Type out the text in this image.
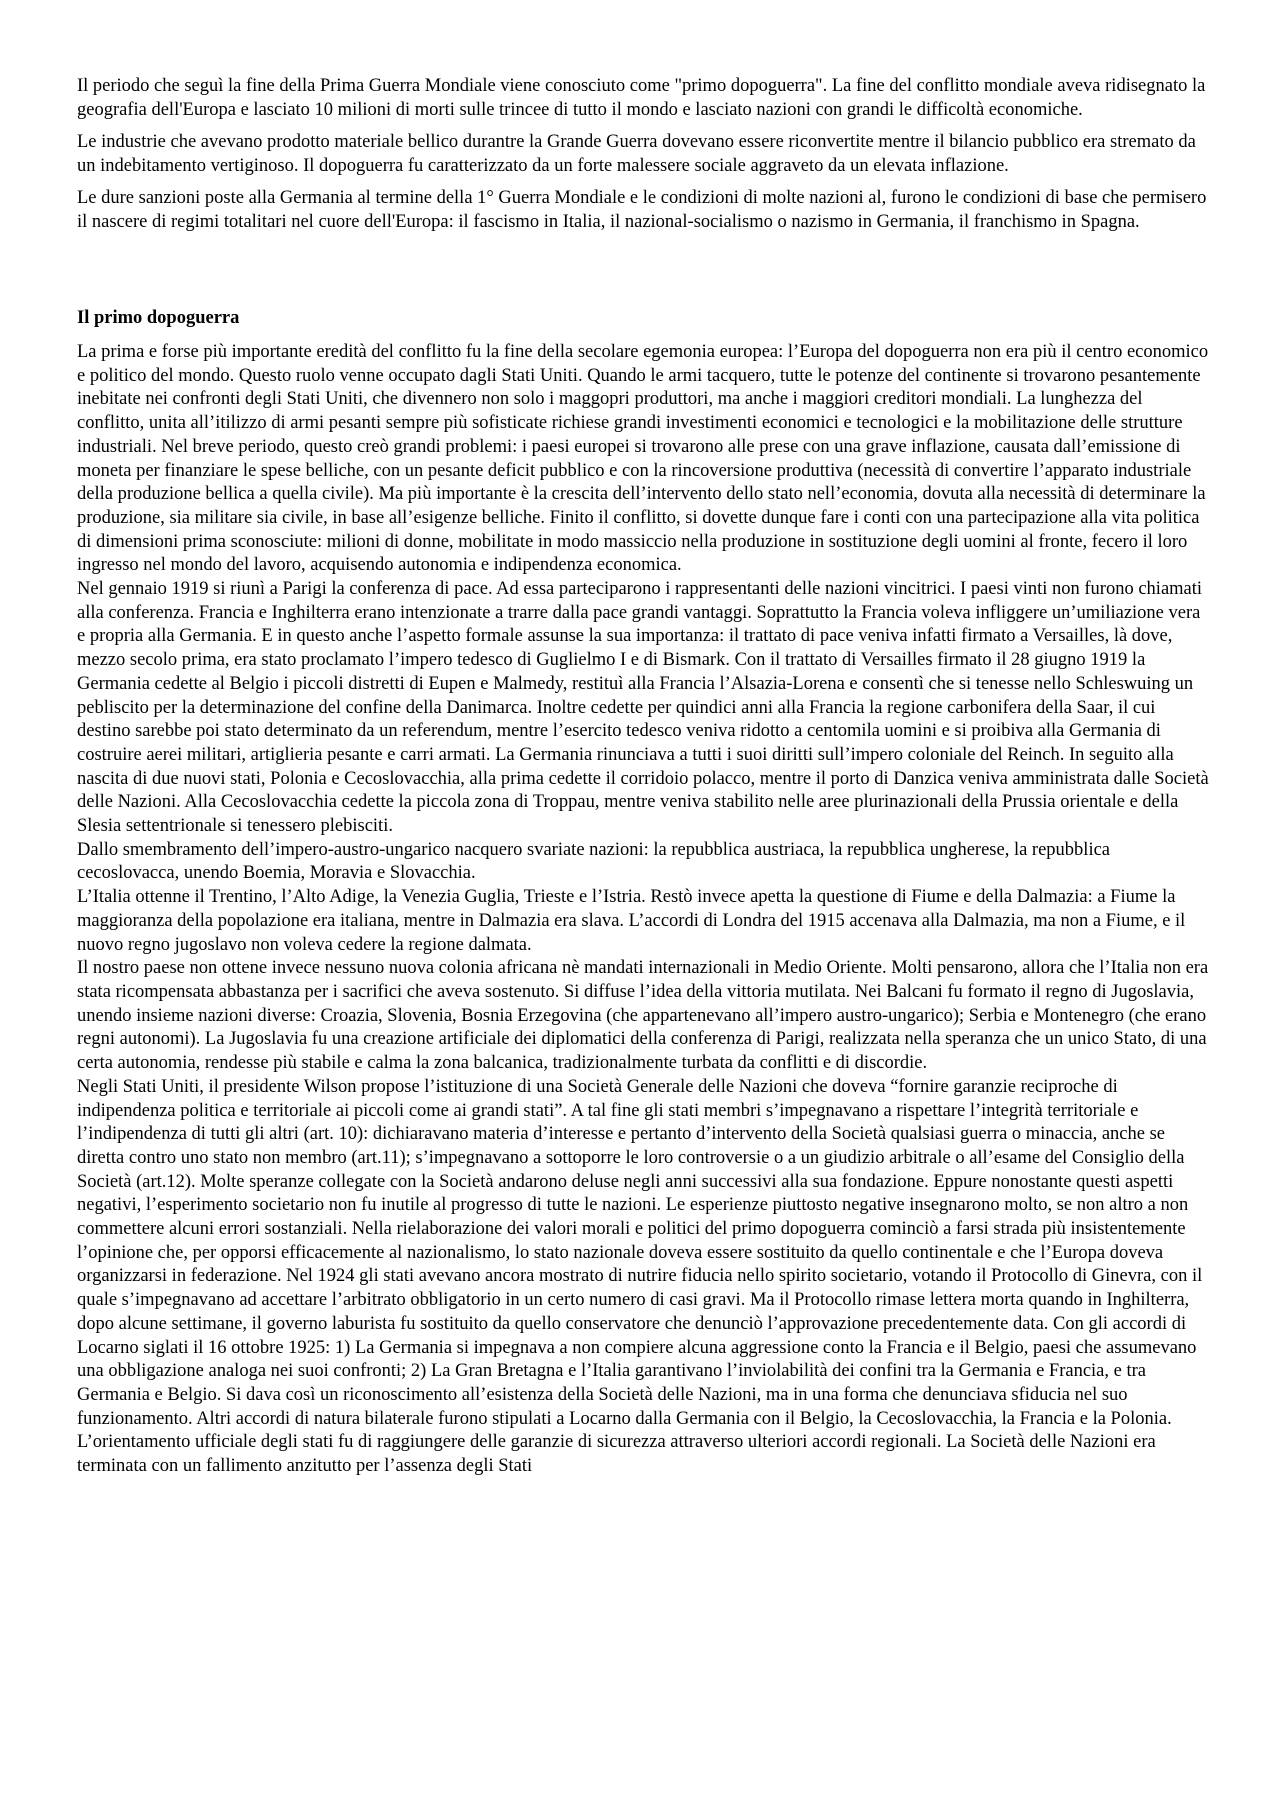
Il periodo che seguì la fine della Prima Guerra Mondiale viene conosciuto come "primo dopoguerra". La fine del conflitto mondiale aveva ridisegnato la geografia dell'Europa e lasciato 10 milioni di morti sulle trincee di tutto il mondo e lasciato nazioni con grandi le difficoltà economiche.

Le industrie che avevano prodotto materiale bellico durantre la Grande Guerra dovevano essere riconvertite mentre il bilancio pubblico era stremato da un indebitamento vertiginoso. Il dopoguerra fu caratterizzato da un forte malessere sociale aggraveto da un elevata inflazione.

Le dure sanzioni poste alla Germania al termine della 1° Guerra Mondiale e le condizioni di molte nazioni al, furono le condizioni di base che permisero il nascere di regimi totalitari nel cuore dell'Europa: il fascismo in Italia, il nazional-socialismo o nazismo in Germania, il franchismo in Spagna.

Il primo dopoguerra

La prima e forse più importante eredità del conflitto fu la fine della secolare egemonia europea: l’Europa del dopoguerra non era più il centro economico e politico del mondo. Questo ruolo venne occupato dagli Stati Uniti. Quando le armi tacquero, tutte le potenze del continente si trovarono pesantemente inebitate nei confronti degli Stati Uniti, che divennero non solo i maggopri produttori, ma anche i maggiori creditori mondiali. La lunghezza del conflitto, unita all’itilizzo di armi pesanti sempre più sofisticate richiese grandi investimenti economici e tecnologici e la mobilitazione delle strutture industriali. Nel breve periodo, questo creò grandi problemi: i paesi europei si trovarono alle prese con una grave inflazione, causata dall’emissione di moneta per finanziare le spese belliche, con un pesante deficit pubblico e con la rincoversione produttiva (necessità di convertire l’apparato industriale della produzione bellica a quella civile). Ma più importante è la crescita dell’intervento dello stato nell’economia, dovuta alla necessità di determinare la produzione, sia militare sia civile, in base all’esigenze belliche. Finito il conflitto, si dovette dunque fare i conti con una partecipazione alla vita politica di dimensioni prima sconosciute: milioni di donne, mobilitate in modo massiccio nella produzione in sostituzione degli uomini al fronte, fecero il loro ingresso nel mondo del lavoro, acquisendo autonomia e indipendenza economica.

Nel gennaio 1919 si riunì a Parigi la conferenza di pace. Ad essa parteciparono i rappresentanti delle nazioni vincitrici. I paesi vinti non furono chiamati alla conferenza. Francia e Inghilterra erano intenzionate a trarre dalla pace grandi vantaggi. Soprattutto la Francia voleva infliggere un’umiliazione vera e propria alla Germania. E in questo anche l’aspetto formale assunse la sua importanza: il trattato di pace veniva infatti firmato a Versailles, là dove, mezzo secolo prima, era stato proclamato l’impero tedesco di Guglielmo I e di Bismark. Con il trattato di Versailles firmato il 28 giugno 1919 la Germania cedette al Belgio i piccoli distretti di Eupen e Malmedy, restituì alla Francia l’Alsazia-Lorena e consentì che si tenesse nello Schleswuing un pebliscito per la determinazione del confine della Danimarca. Inoltre cedette per quindici anni alla Francia la regione carbonifera della Saar, il cui destino sarebbe poi stato determinato da un referendum, mentre l’esercito tedesco veniva ridotto a centomila uomini e si proibiva alla Germania di costruire aerei militari, artiglieria pesante e carri armati. La Germania rinunciava a tutti i suoi diritti sull’impero coloniale del Reinch. In seguito alla nascita di due nuovi stati, Polonia e Cecoslovacchia, alla prima cedette il corridoio polacco, mentre il porto di Danzica veniva amministrata dalle Società delle Nazioni. Alla Cecoslovacchia cedette la piccola zona di Troppau, mentre veniva stabilito nelle aree plurinazionali della Prussia orientale e della Slesia settentrionale si tenessero plebisciti.

Dallo smembramento dell’impero-austro-ungarico nacquero svariate nazioni: la repubblica austriaca, la repubblica ungherese, la repubblica cecoslovacca, unendo Boemia, Moravia e Slovacchia.

L’Italia ottenne il Trentino, l’Alto Adige, la Venezia Guglia, Trieste e l’Istria. Restò invece apetta la questione di Fiume e della Dalmazia: a Fiume la maggioranza della popolazione era italiana, mentre in Dalmazia era slava. L’accordi di Londra del 1915 accenava alla Dalmazia, ma non a Fiume, e il nuovo regno jugoslavo non voleva cedere la regione dalmata.

Il nostro paese non ottene invece nessuno nuova colonia africana nè mandati internazionali in Medio Oriente. Molti pensarono, allora che l’Italia non era stata ricompensata abbastanza per i sacrifici che aveva sostenuto. Si diffuse l’idea della vittoria mutilata. Nei Balcani fu formato il regno di Jugoslavia, unendo insieme nazioni diverse: Croazia, Slovenia, Bosnia Erzegovina (che appartenevano all’impero austro-ungarico); Serbia e Montenegro (che erano regni autonomi). La Jugoslavia fu una creazione artificiale dei diplomatici della conferenza di Parigi, realizzata nella speranza che un unico Stato, di una certa autonomia, rendesse più stabile e calma la zona balcanica, tradizionalmente turbata da conflitti e di discordie.

Negli Stati Uniti, il presidente Wilson propose l’istituzione di una Società Generale delle Nazioni che doveva “fornire garanzie reciproche di indipendenza politica e territoriale ai piccoli come ai grandi stati”. A tal fine gli stati membri s’impegnavano a rispettare l’integrità territoriale e l’indipendenza di tutti gli altri (art. 10): dichiaravano materia d’interesse e pertanto d’intervento della Società qualsiasi guerra o minaccia, anche se diretta contro uno stato non membro (art.11); s’impegnavano a sottoporre le loro controversie o a un giudizio arbitrale o all’esame del Consiglio della Società (art.12). Molte speranze collegate con la Società andarono deluse negli anni successivi alla sua fondazione. Eppure nonostante questi aspetti negativi, l’esperimento societario non fu inutile al progresso di tutte le nazioni. Le esperienze piuttosto negative insegnarono molto, se non altro a non commettere alcuni errori sostanziali. Nella rielaborazione dei valori morali e politici del primo dopoguerra cominciò a farsi strada più insistentemente l’opinione che, per opporsi efficacemente al nazionalismo, lo stato nazionale doveva essere sostituito da quello continentale e che l’Europa doveva organizzarsi in federazione. Nel 1924 gli stati avevano ancora mostrato di nutrire fiducia nello spirito societario, votando il Protocollo di Ginevra, con il quale s’impegnavano ad accettare l’arbitrato obbligatorio in un certo numero di casi gravi. Ma il Protocollo rimase lettera morta quando in Inghilterra, dopo alcune settimane, il governo laburista fu sostituito da quello conservatore che denunciò l’approvazione precedentemente data. Con gli accordi di Locarno siglati il 16 ottobre 1925: 1) La Germania si impegnava a non compiere alcuna aggressione conto la Francia e il Belgio, paesi che assumevano una obbligazione analoga nei suoi confronti; 2) La Gran Bretagna e l’Italia garantivano l’inviolabilità dei confini tra la Germania e Francia, e tra Germania e Belgio. Si dava così un riconoscimento all’esistenza della Società delle Nazioni, ma in una forma che denunciava sfiducia nel suo funzionamento. Altri accordi di natura bilaterale furono stipulati a Locarno dalla Germania con il Belgio, la Cecoslovacchia, la Francia e la Polonia. L’orientamento ufficiale degli stati fu di raggiungere delle garanzie di sicurezza attraverso ulteriori accordi regionali. La Società delle Nazioni era terminata con un fallimento anzitutto per l’assenza degli Stati
